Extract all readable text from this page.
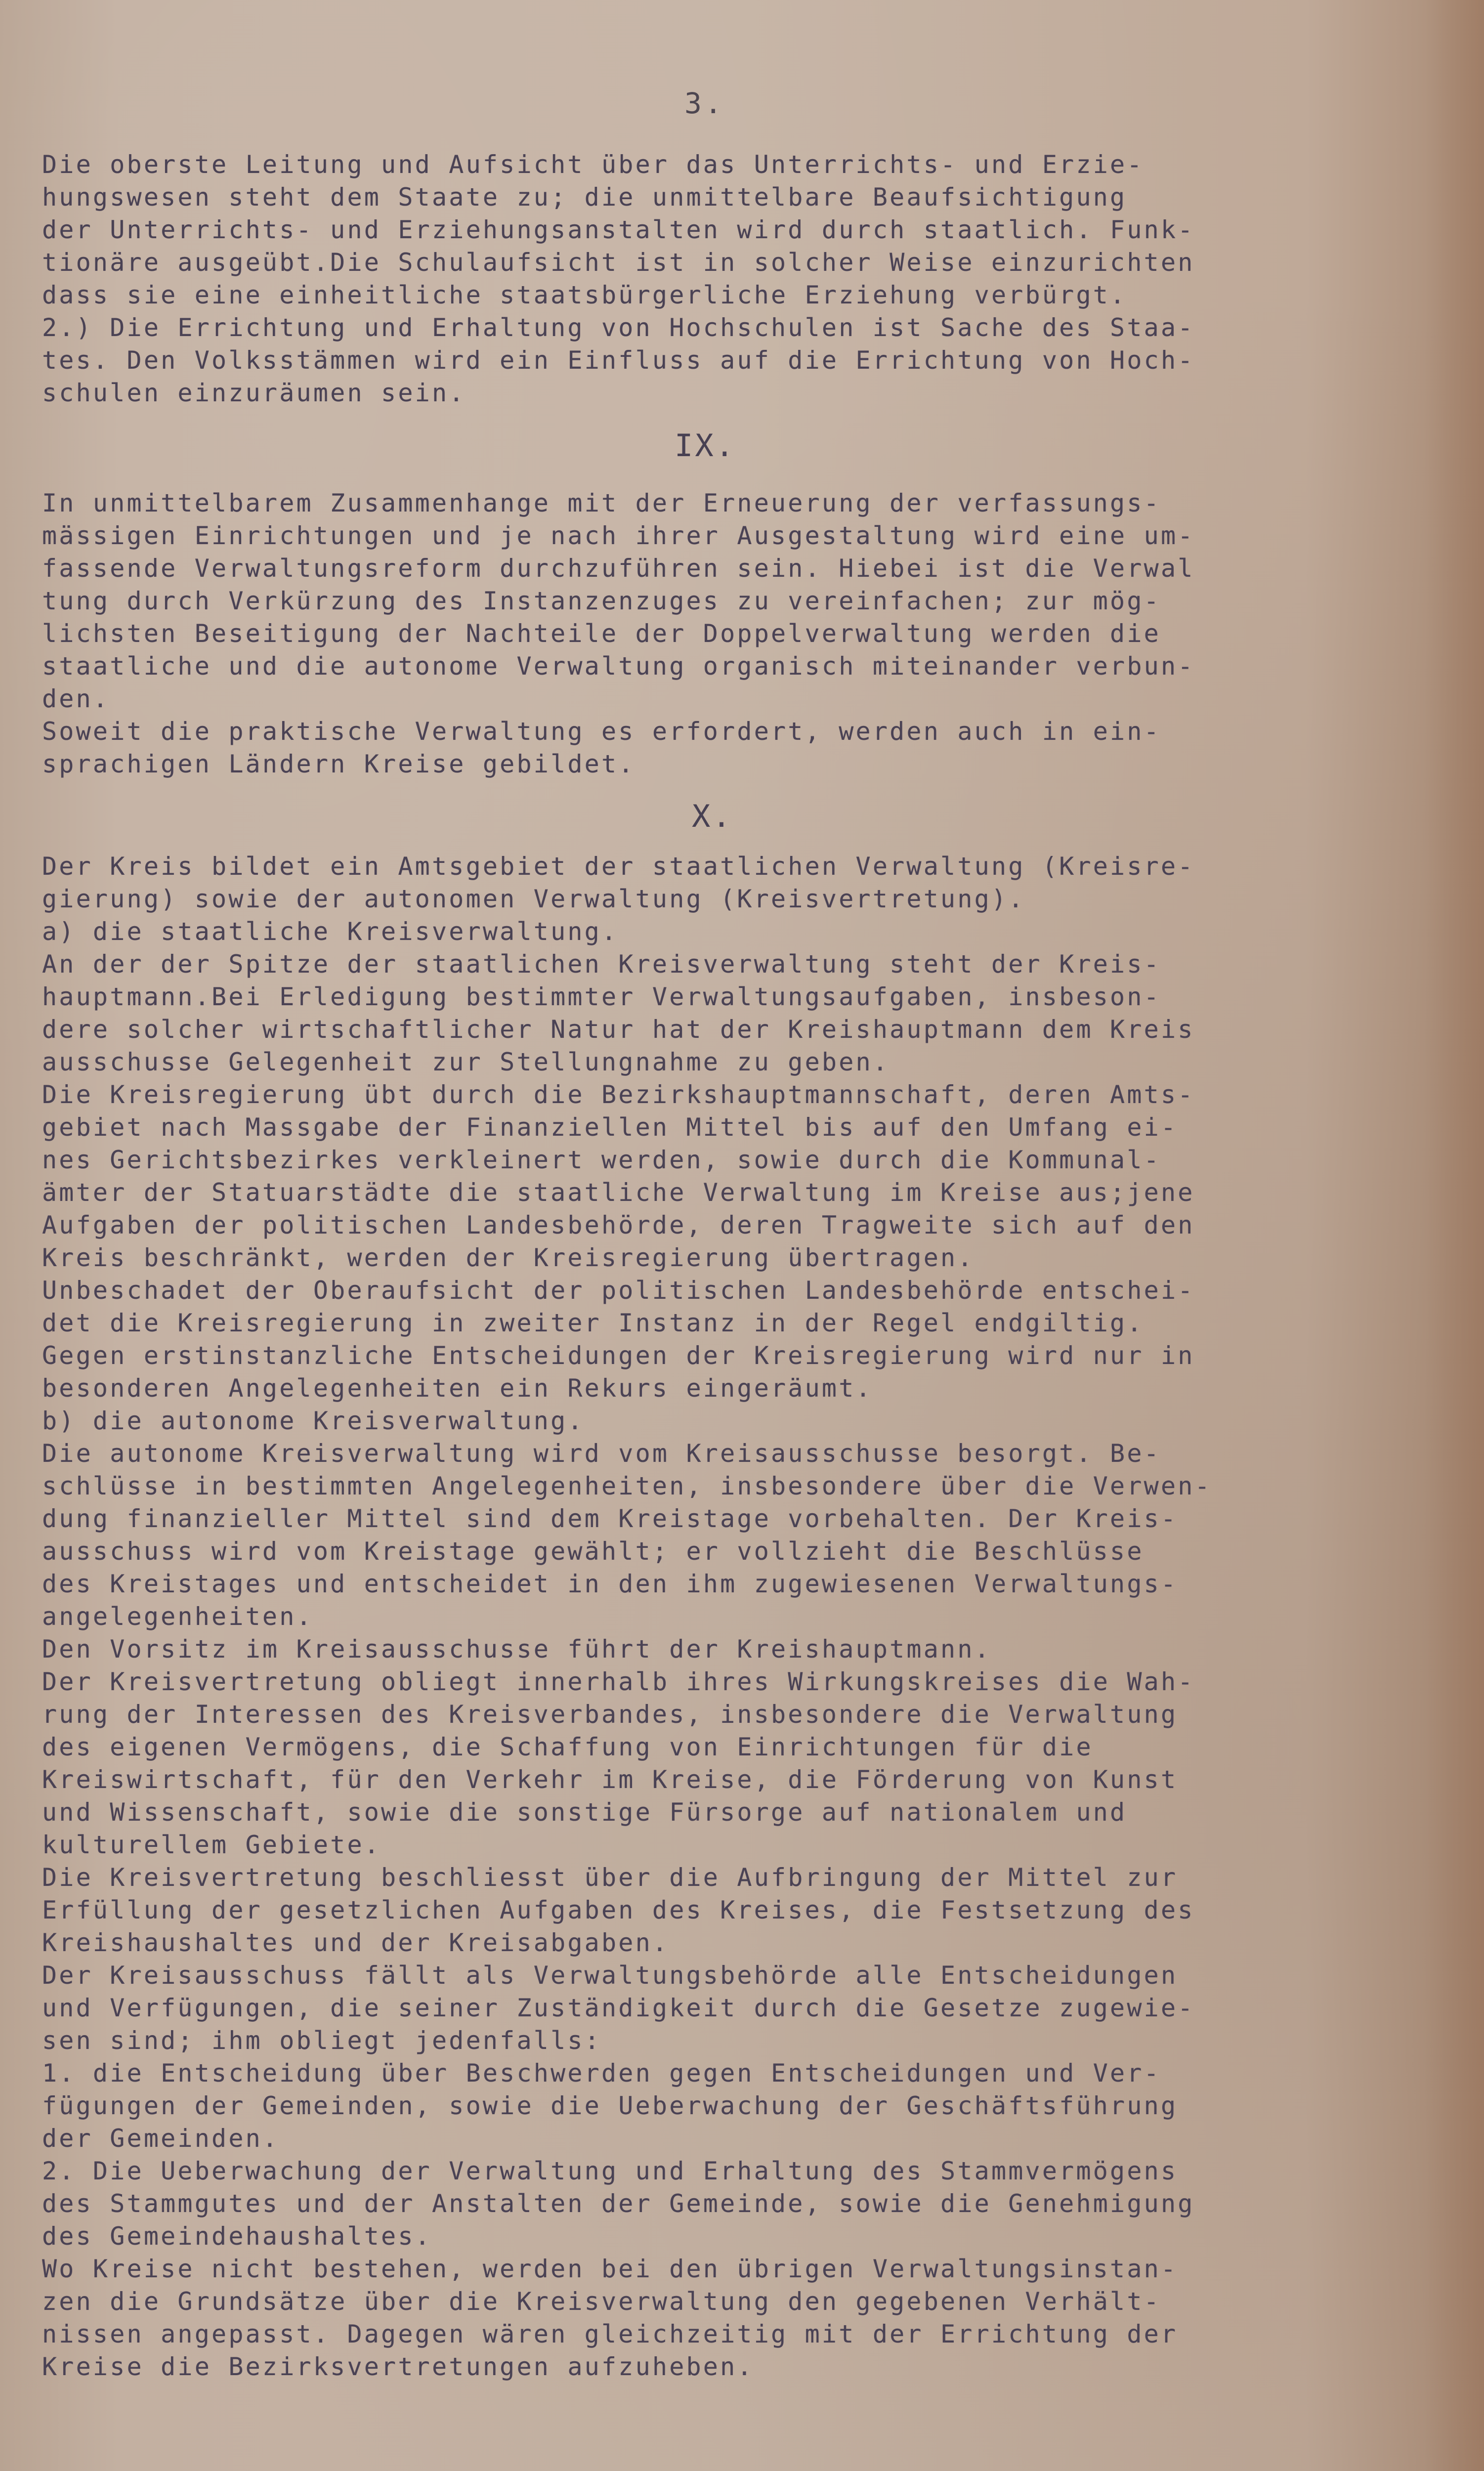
3.
Die oberste Leitung und Aufsicht über das Unterrichts- und Erzie-
hungswesen steht dem Staate zu; die unmittelbare Beaufsichtigung
der Unterrichts- und Erziehungsanstalten wird durch staatlich. Funk-
tionäre ausgeübt.Die Schulaufsicht ist in solcher Weise einzurichten
dass sie eine einheitliche staatsbürgerliche Erziehung verbürgt.
2.) Die Errichtung und Erhaltung von Hochschulen ist Sache des Staa-
tes. Den Volksstämmen wird ein Einfluss auf die Errichtung von Hoch-
schulen einzuräumen sein.
IX.
In unmittelbarem Zusammenhange mit der Erneuerung der verfassungs-
mässigen Einrichtungen und je nach ihrer Ausgestaltung wird eine um-
fassende Verwaltungsreform durchzuführen sein. Hiebei ist die Verwal
tung durch Verkürzung des Instanzenzuges zu vereinfachen; zur mög-
lichsten Beseitigung der Nachteile der Doppelverwaltung werden die
staatliche und die autonome Verwaltung organisch miteinander verbun-
den.
Soweit die praktische Verwaltung es erfordert, werden auch in ein-
sprachigen Ländern Kreise gebildet.
X.
Der Kreis bildet ein Amtsgebiet der staatlichen Verwaltung (Kreisre-
gierung) sowie der autonomen Verwaltung (Kreisvertretung).
a) die staatliche Kreisverwaltung.
An der der Spitze der staatlichen Kreisverwaltung steht der Kreis-
hauptmann.Bei Erledigung bestimmter Verwaltungsaufgaben, insbeson-
dere solcher wirtschaftlicher Natur hat der Kreishauptmann dem Kreis
ausschusse Gelegenheit zur Stellungnahme zu geben.
Die Kreisregierung übt durch die Bezirkshauptmannschaft, deren Amts-
gebiet nach Massgabe der Finanziellen Mittel bis auf den Umfang ei-
nes Gerichtsbezirkes verkleinert werden, sowie durch die Kommunal-
ämter der Statuarstädte die staatliche Verwaltung im Kreise aus;jene
Aufgaben der politischen Landesbehörde, deren Tragweite sich auf den
Kreis beschränkt, werden der Kreisregierung übertragen.
Unbeschadet der Oberaufsicht der politischen Landesbehörde entschei-
det die Kreisregierung in zweiter Instanz in der Regel endgiltig.
Gegen erstinstanzliche Entscheidungen der Kreisregierung wird nur in
besonderen Angelegenheiten ein Rekurs eingeräumt.
b) die autonome Kreisverwaltung.
Die autonome Kreisverwaltung wird vom Kreisausschusse besorgt. Be-
schlüsse in bestimmten Angelegenheiten, insbesondere über die Verwen-
dung finanzieller Mittel sind dem Kreistage vorbehalten. Der Kreis-
ausschuss wird vom Kreistage gewählt; er vollzieht die Beschlüsse
des Kreistages und entscheidet in den ihm zugewiesenen Verwaltungs-
angelegenheiten.
Den Vorsitz im Kreisausschusse führt der Kreishauptmann.
Der Kreisvertretung obliegt innerhalb ihres Wirkungskreises die Wah-
rung der Interessen des Kreisverbandes, insbesondere die Verwaltung
des eigenen Vermögens, die Schaffung von Einrichtungen für die
Kreiswirtschaft, für den Verkehr im Kreise, die Förderung von Kunst
und Wissenschaft, sowie die sonstige Fürsorge auf nationalem und
kulturellem Gebiete.
Die Kreisvertretung beschliesst über die Aufbringung der Mittel zur
Erfüllung der gesetzlichen Aufgaben des Kreises, die Festsetzung des
Kreishaushaltes und der Kreisabgaben.
Der Kreisausschuss fällt als Verwaltungsbehörde alle Entscheidungen
und Verfügungen, die seiner Zuständigkeit durch die Gesetze zugewie-
sen sind; ihm obliegt jedenfalls:
1. die Entscheidung über Beschwerden gegen Entscheidungen und Ver-
fügungen der Gemeinden, sowie die Ueberwachung der Geschäftsführung
der Gemeinden.
2. Die Ueberwachung der Verwaltung und Erhaltung des Stammvermögens
des Stammgutes und der Anstalten der Gemeinde, sowie die Genehmigung
des Gemeindehaushaltes.
Wo Kreise nicht bestehen, werden bei den übrigen Verwaltungsinstan-
zen die Grundsätze über die Kreisverwaltung den gegebenen Verhält-
nissen angepasst. Dagegen wären gleichzeitig mit der Errichtung der
Kreise die Bezirksvertretungen aufzuheben.
